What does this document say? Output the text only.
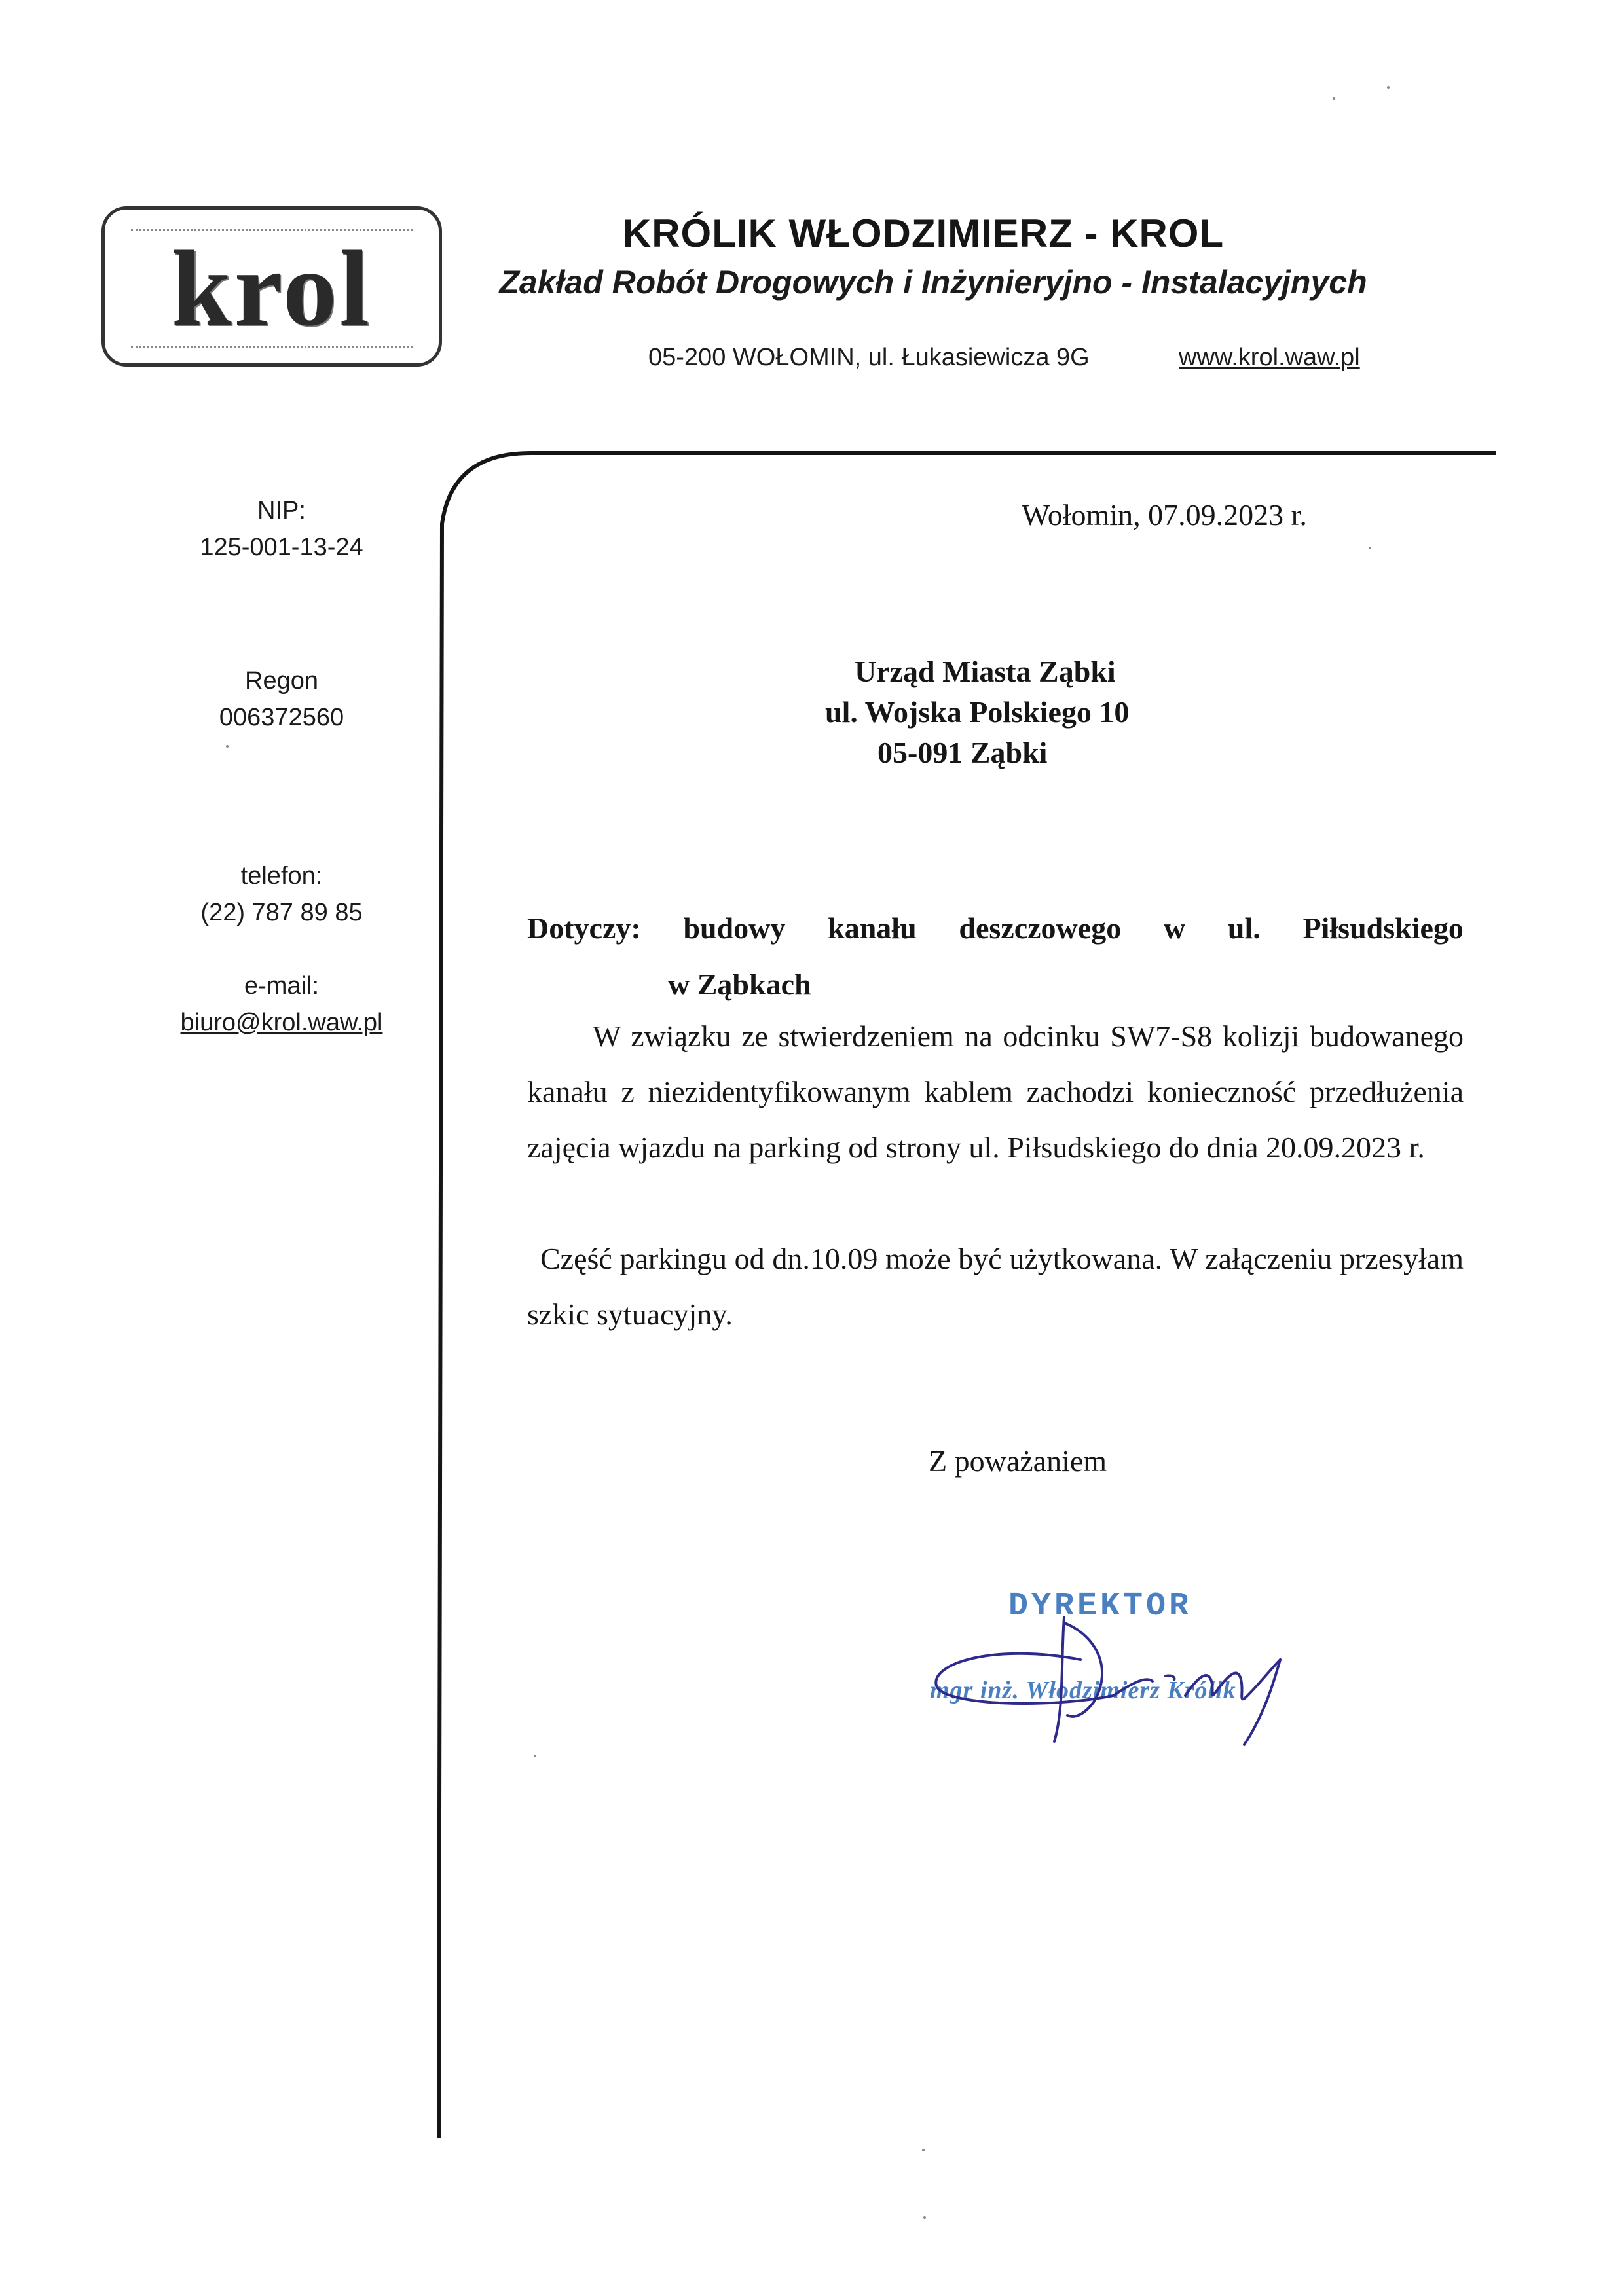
krol	KRÓLIK WŁODZIMIERZ - KROL
Zakład Robót Drogowych i Inżynieryjno - Instalacyjnych
05-200 WOŁOMIN, ul. Łukasiewicza 9G	www.krol.waw.pl
NIP:
125-001-13-24
Regon
006372560
telefon:
(22) 787 89 85
e-mail:
biuro@krol.waw.pl
Wołomin, 07.09.2023 r.
Urząd Miasta Ząbki
ul. Wojska Polskiego 10
05-091 Ząbki
Dotyczy: budowy kanału deszczowego w ul. Piłsudskiego
w Ząbkach
W związku ze stwierdzeniem na odcinku SW7-S8 kolizji budowanego kanału z niezidentyfikowanym kablem zachodzi konieczność przedłużenia zajęcia wjazdu na parking od strony ul. Piłsudskiego do dnia 20.09.2023 r.
Część parkingu od dn.10.09 może być użytkowana. W załączeniu przesyłam szkic sytuacyjny.
Z poważaniem
DYREKTOR
mgr inż. Włodzimierz Królik
